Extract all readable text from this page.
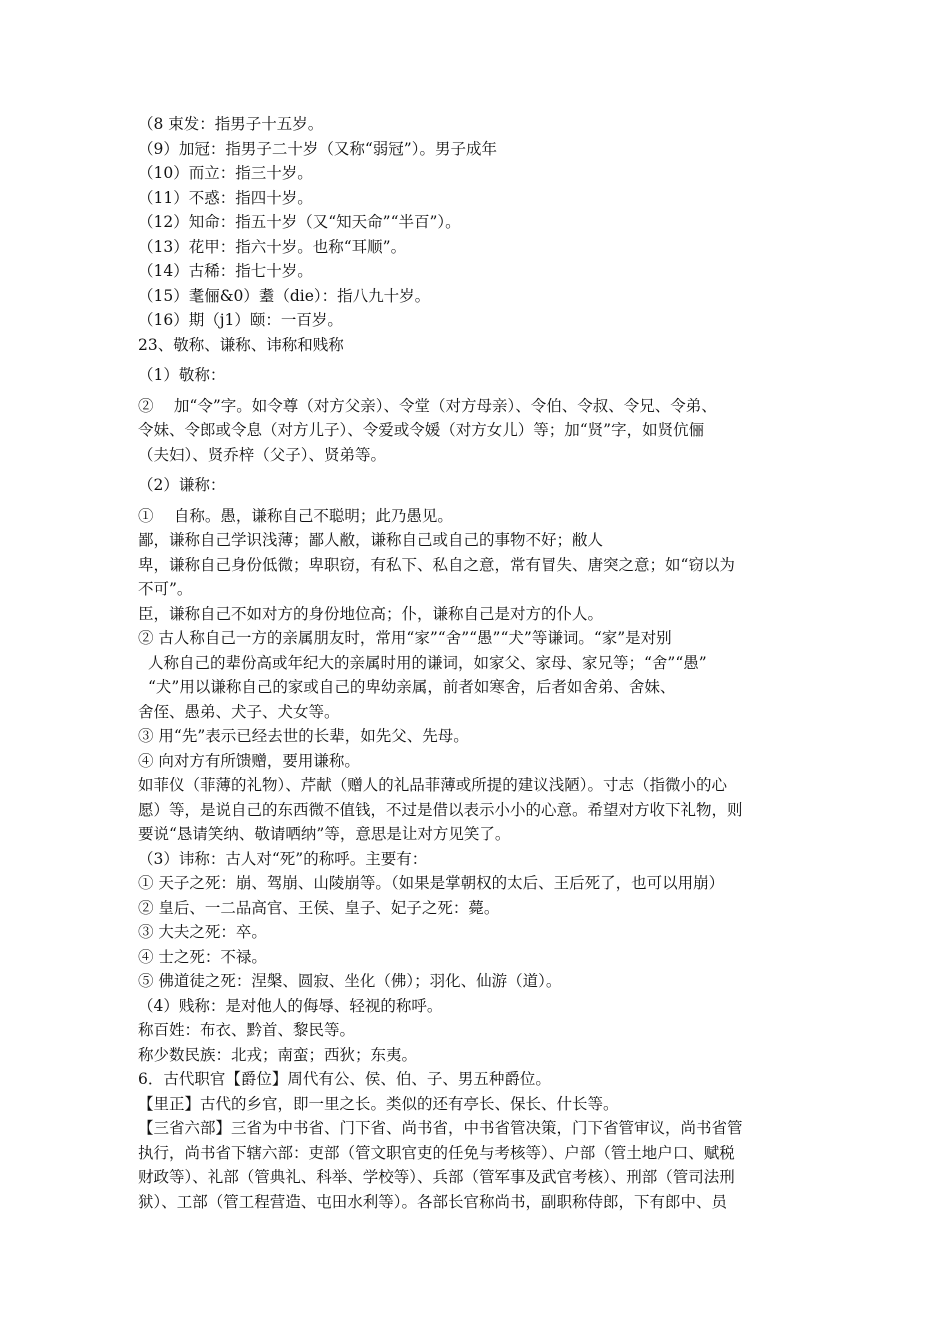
（8 束发：指男子十五岁。
（9）加冠：指男子二十岁（又称“弱冠”）。男子成年
（10）而立：指三十岁。
（11）不惑：指四十岁。
（12）知命：指五十岁（又“知天命”“半百”）。
（13）花甲：指六十岁。也称“耳顺”。
（14）古稀：指七十岁。
（15）耄俪&0）耋（die）：指八九十岁。
（16）期（j1）颐：一百岁。
23、敬称、谦称、讳称和贱称
（1）敬称：
②　 加“令”字。如令尊（对方父亲）、令堂（对方母亲）、令伯、令叔、令兄、令弟、
令妹、令郎或令息（对方儿子）、令爱或令媛（对方女儿）等；加“贤”字，如贤伉俪
（夫妇）、贤乔梓（父子）、贤弟等。
（2）谦称：
①　 自称。愚，谦称自己不聪明；此乃愚见。
鄙，谦称自己学识浅薄；鄙人敝，谦称自己或自己的事物不好；敝人
卑，谦称自己身份低微；卑职窃，有私下、私自之意，常有冒失、唐突之意；如“窃以为
不可”。
臣，谦称自己不如对方的身份地位高；仆，谦称自己是对方的仆人。
② 古人称自己一方的亲属朋友时，常用“家”“舍”“愚”“犬”等谦词。“家”是对别
人称自己的辈份高或年纪大的亲属时用的谦词，如家父、家母、家兄等；“舍”“愚”
“犬”用以谦称自己的家或自己的卑幼亲属，前者如寒舍，后者如舍弟、舍妹、
舍侄、愚弟、犬子、犬女等。
③ 用“先”表示已经去世的长辈，如先父、先母。
④ 向对方有所馈赠，要用谦称。
如菲仪（菲薄的礼物）、芹献（赠人的礼品菲薄或所提的建议浅陋）。寸志（指微小的心
愿）等，是说自己的东西微不值钱，不过是借以表示小小的心意。希望对方收下礼物，则
要说“恳请笑纳、敬请哂纳”等，意思是让对方见笑了。
（3）讳称：古人对“死”的称呼。主要有：
① 天子之死：崩、驾崩、山陵崩等。（如果是掌朝权的太后、王后死了，也可以用崩）
② 皇后、一二品高官、王侯、皇子、妃子之死：薨。
③ 大夫之死：卒。
④ 士之死：不禄。
⑤ 佛道徒之死：涅槃、圆寂、坐化（佛）；羽化、仙游（道）。
（4）贱称：是对他人的侮辱、轻视的称呼。
称百姓：布衣、黔首、黎民等。
称少数民族：北戎；南蛮；西狄；东夷。
6．古代职官【爵位】周代有公、侯、伯、子、男五种爵位。
【里正】古代的乡官，即一里之长。类似的还有亭长、保长、什长等。
【三省六部】三省为中书省、门下省、尚书省，中书省管决策，门下省管审议，尚书省管
执行，尚书省下辖六部：吏部（管文职官吏的任免与考核等）、户部（管土地户口、赋税
财政等）、礼部（管典礼、科举、学校等）、兵部（管军事及武官考核）、刑部（管司法刑
狱）、工部（管工程营造、屯田水利等）。各部长官称尚书，副职称侍郎，下有郎中、员
